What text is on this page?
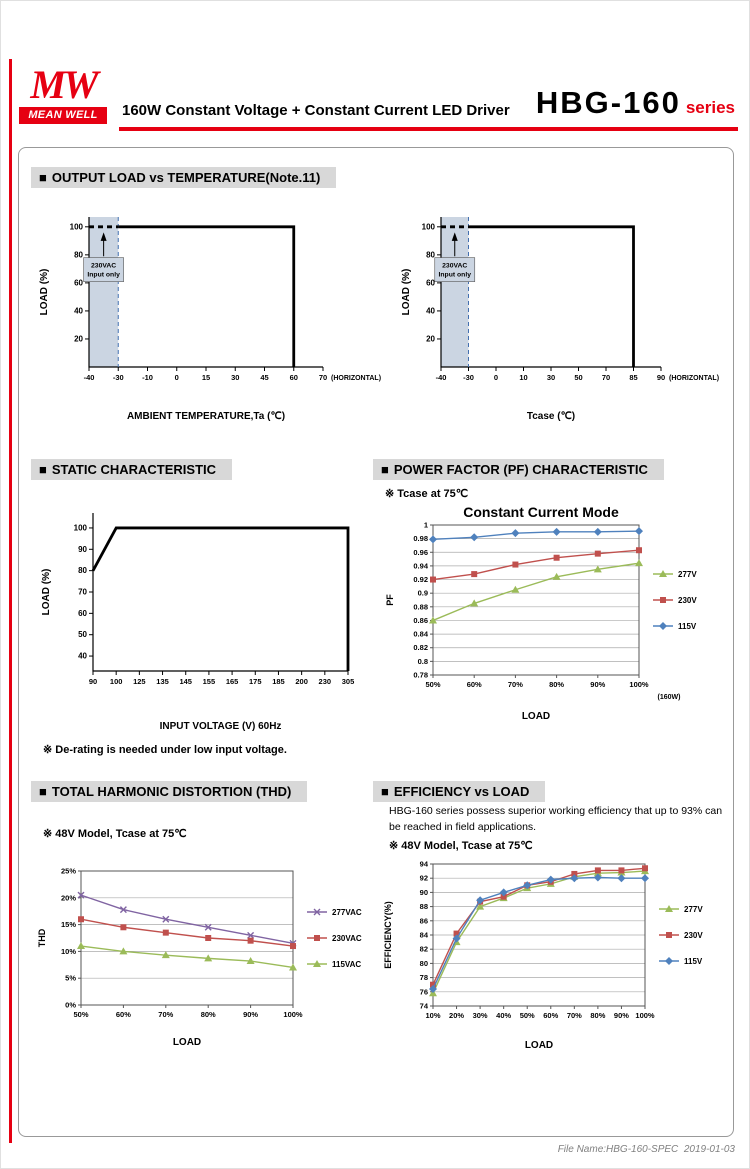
MW
MEAN WELL	160W Constant Voltage + Constant Current LED Driver HBG-160 series
■ OUTPUT LOAD vs TEMPERATURE(Note.11)
20
40
60
80
100
-40 -30 -10	0	15	30	45	60	70 (HORIZONTAL)
230VAC
Input only
AMBIENT TEMPERATURE,Ta (℃)
LOAD (%)
20
40
60
80
100
-40 -30	0	10	30	50	70	85	90 (HORIZONTAL)
230VAC
Input only
Tcase (℃)
LOAD (%)
■ STATIC CHARACTERISTIC
40
50
60
70
80
90
100
90 100 125 135 145 155 165 175 185 200 230 305
INPUT VOLTAGE (V) 60Hz
LOAD (%)
※ De-rating is needed under low input voltage.
■ POWER FACTOR (PF) CHARACTERISTIC
※ Tcase at 75℃
Constant Current Mode
0.78
0.8
0.82
0.84
0.86
0.88
0.9
0.92
0.94
0.96
0.98
1
50%	60%	70%	80%	90%	100%
(160W)
277V
230V
115V
LOAD
PF
■ TOTAL HARMONIC DISTORTION (THD)
※ 48V Model, Tcase at 75℃
0%
5%
10%
15%
20%
25%
50%	60%	70%	80%	90%	100%
277VAC
230VAC
115VAC
LOAD
THD
■ EFFICIENCY vs LOAD
HBG-160 series possess superior working efficiency that up to 93% can be reached in field applications.
※ 48V Model, Tcase at 75℃
74
76
78
80
82
84
86
88
90
92
94
10% 20% 30% 40% 50% 60% 70% 80% 90% 100%
277V
230V
115V
LOAD
EFFICIENCY(%)
File Name:HBG-160-SPEC  2019-01-03
